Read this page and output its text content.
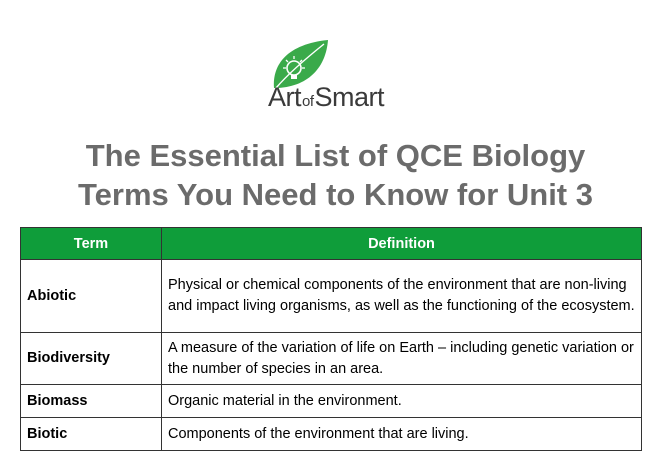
ArtofSmart
The Essential List of QCE Biology
Terms You Need to Know for Unit 3
Term	Definition
Abiotic	Physical or chemical components of the environment that are non-living and impact living organisms, as well as the functioning of the ecosystem.
Biodiversity	A measure of the variation of life on Earth – including genetic variation or the number of species in an area.
Biomass	Organic material in the environment.
Biotic	Components of the environment that are living.
